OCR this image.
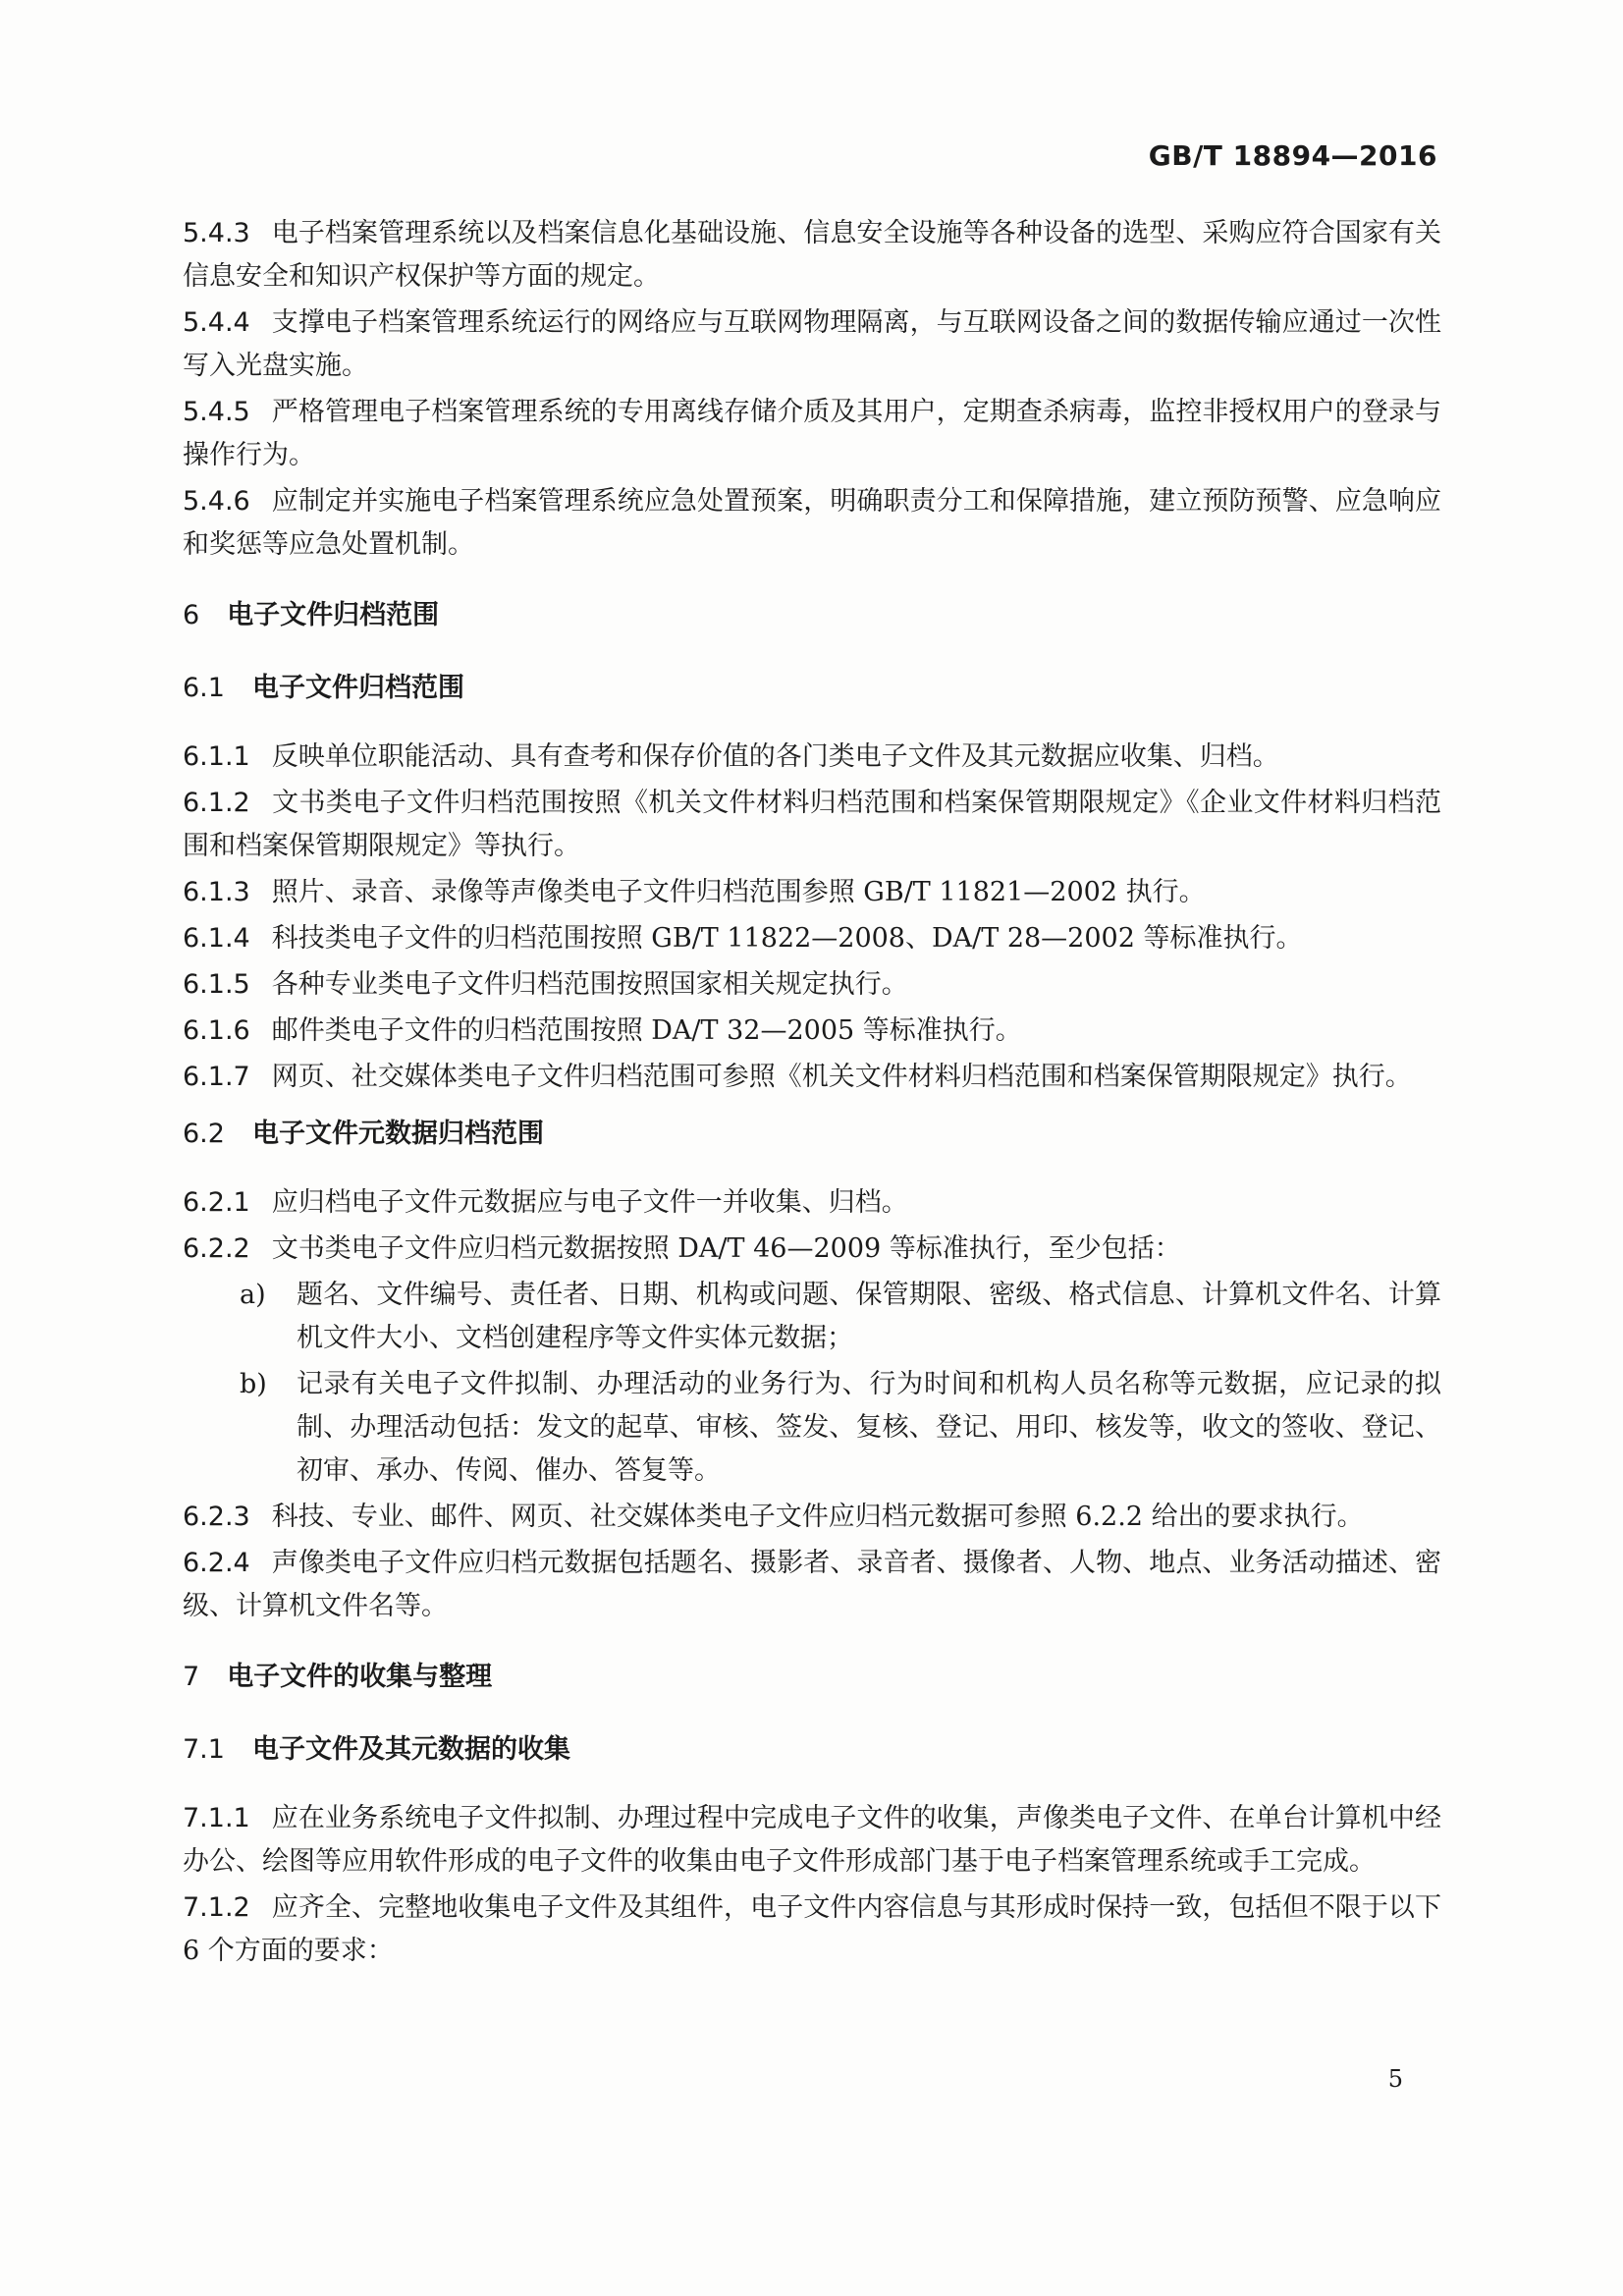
GB/T 18894—2016

5.4.3 电子档案管理系统以及档案信息化基础设施、信息安全设施等各种设备的选型、采购应符合国家有关信息安全和知识产权保护等方面的规定。

5.4.4 支撑电子档案管理系统运行的网络应与互联网物理隔离，与互联网设备之间的数据传输应通过一次性写入光盘实施。

5.4.5 严格管理电子档案管理系统的专用离线存储介质及其用户，定期查杀病毒，监控非授权用户的登录与操作行为。

5.4.6 应制定并实施电子档案管理系统应急处置预案，明确职责分工和保障措施，建立预防预警、应急响应和奖惩等应急处置机制。

6 电子文件归档范围
6.1 电子文件归档范围

6.1.1 反映单位职能活动、具有查考和保存价值的各门类电子文件及其元数据应收集、归档。

6.1.2 文书类电子文件归档范围按照《机关文件材料归档范围和档案保管期限规定》《企业文件材料归档范围和档案保管期限规定》等执行。

6.1.3 照片、录音、录像等声像类电子文件归档范围参照 GB/T 11821—2002 执行。

6.1.4 科技类电子文件的归档范围按照 GB/T 11822—2008、DA/T 28—2002 等标准执行。

6.1.5 各种专业类电子文件归档范围按照国家相关规定执行。

6.1.6 邮件类电子文件的归档范围按照 DA/T 32—2005 等标准执行。

6.1.7 网页、社交媒体类电子文件归档范围可参照《机关文件材料归档范围和档案保管期限规定》执行。

6.2 电子文件元数据归档范围

6.2.1 应归档电子文件元数据应与电子文件一并收集、归档。

6.2.2 文书类电子文件应归档元数据按照 DA/T 46—2009 等标准执行，至少包括：

a) 题名、文件编号、责任者、日期、机构或问题、保管期限、密级、格式信息、计算机文件名、计算机文件大小、文档创建程序等文件实体元数据；
b) 记录有关电子文件拟制、办理活动的业务行为、行为时间和机构人员名称等元数据，应记录的拟制、办理活动包括：发文的起草、审核、签发、复核、登记、用印、核发等，收文的签收、登记、初审、承办、传阅、催办、答复等。

6.2.3 科技、专业、邮件、网页、社交媒体类电子文件应归档元数据可参照 6.2.2 给出的要求执行。

6.2.4 声像类电子文件应归档元数据包括题名、摄影者、录音者、摄像者、人物、地点、业务活动描述、密级、计算机文件名等。

7 电子文件的收集与整理
7.1 电子文件及其元数据的收集

7.1.1 应在业务系统电子文件拟制、办理过程中完成电子文件的收集，声像类电子文件、在单台计算机中经办公、绘图等应用软件形成的电子文件的收集由电子文件形成部门基于电子档案管理系统或手工完成。

7.1.2 应齐全、完整地收集电子文件及其组件，电子文件内容信息与其形成时保持一致，包括但不限于以下 6 个方面的要求：

5
